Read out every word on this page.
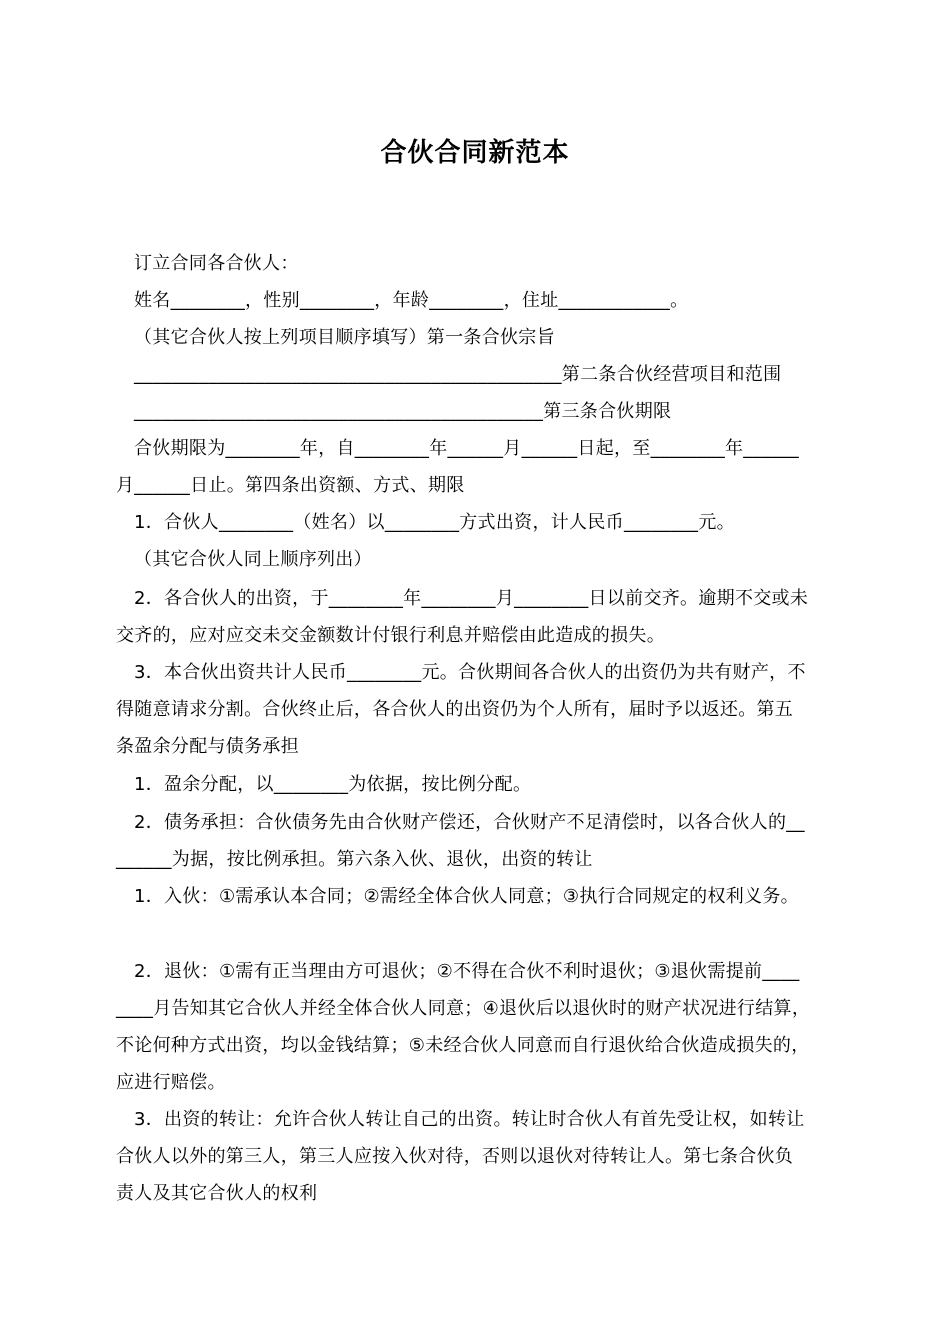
合伙合同新范本
订立合同各合伙人：
姓名________，性别________，年龄________，住址____________。
（其它合伙人按上列项目顺序填写）第一条合伙宗旨
______________________________________________第二条合伙经营项目和范围
____________________________________________第三条合伙期限
合伙期限为________年，自________年______月______日起，至________年______
月______日止。第四条出资额、方式、期限
1．合伙人________（姓名）以________方式出资，计人民币________元。
（其它合伙人同上顺序列出）
2．各合伙人的出资，于________年________月________日以前交齐。逾期不交或未
交齐的，应对应交未交金额数计付银行利息并赔偿由此造成的损失。
3．本合伙出资共计人民币________元。合伙期间各合伙人的出资仍为共有财产，不
得随意请求分割。合伙终止后，各合伙人的出资仍为个人所有，届时予以返还。第五
条盈余分配与债务承担
1．盈余分配，以________为依据，按比例分配。
2．债务承担：合伙债务先由合伙财产偿还，合伙财产不足清偿时，以各合伙人的__
______为据，按比例承担。第六条入伙、退伙，出资的转让
1．入伙：①需承认本合同；②需经全体合伙人同意；③执行合同规定的权利义务。
2．退伙：①需有正当理由方可退伙；②不得在合伙不利时退伙；③退伙需提前____
____月告知其它合伙人并经全体合伙人同意；④退伙后以退伙时的财产状况进行结算，
不论何种方式出资，均以金钱结算；⑤未经合伙人同意而自行退伙给合伙造成损失的，
应进行赔偿。
3．出资的转让：允许合伙人转让自己的出资。转让时合伙人有首先受让权，如转让
合伙人以外的第三人，第三人应按入伙对待，否则以退伙对待转让人。第七条合伙负
责人及其它合伙人的权利
